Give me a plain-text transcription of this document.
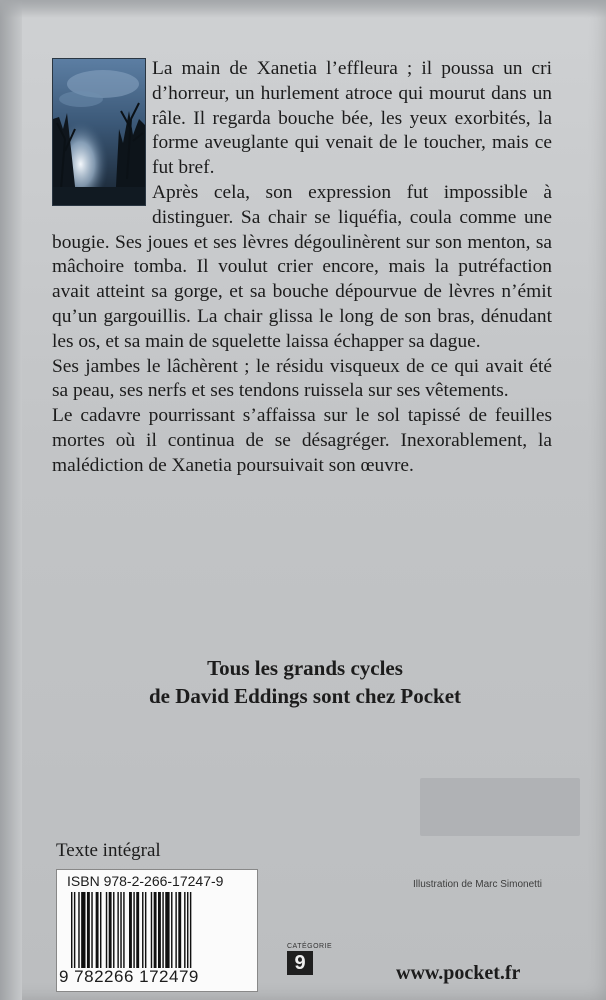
La main de Xanetia l’effleura ; il poussa un cri d’horreur, un hurlement atroce qui mourut dans un râle. Il regarda bouche bée, les yeux exorbités, la forme aveuglante qui venait de le toucher, mais ce fut bref.

Après cela, son expression fut impossible à distinguer. Sa chair se liquéfia, coula comme une bougie. Ses joues et ses lèvres dégoulinèrent sur son menton, sa mâchoire tomba. Il voulut crier encore, mais la putréfaction avait atteint sa gorge, et sa bouche dépourvue de lèvres n’émit qu’un gargouillis. La chair glissa le long de son bras, dénudant les os, et sa main de squelette laissa échapper sa dague.

Ses jambes le lâchèrent ; le résidu visqueux de ce qui avait été sa peau, ses nerfs et ses tendons ruissela sur ses vêtements.

Le cadavre pourrissant s’affaissa sur le sol tapissé de feuilles mortes où il continua de se désagréger. Inexorablement, la malédiction de Xanetia poursuivait son œuvre.

Tous les grands cycles
de David Eddings sont chez Pocket
Texte intégral
ISBN 978-2-266-17247-9
9 782266 172479
Illustration de Marc Simonetti
CATÉGORIE
9	www.pocket.fr
